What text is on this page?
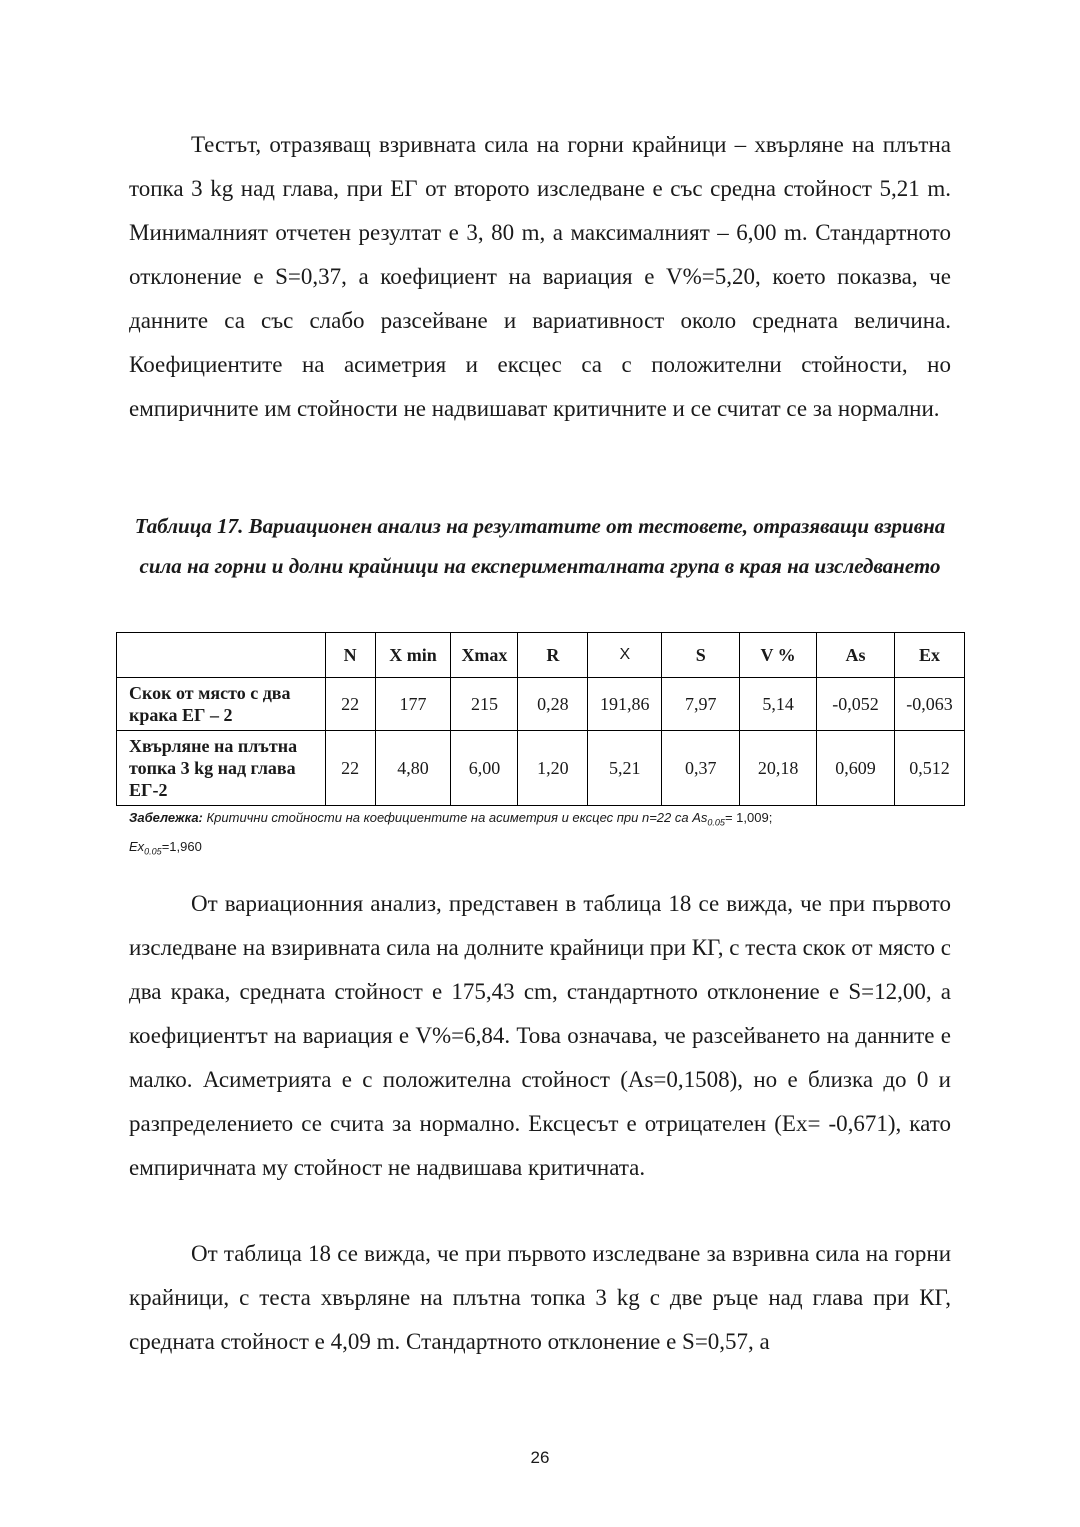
Тестът, отразяващ взривната сила на горни крайници – хвърляне на плътна топка 3 kg над глава, при ЕГ от второто изследване е със средна стойност 5,21 m. Минималният отчетен резултат е 3, 80 m, а максималният – 6,00 m. Стандартното отклонение е S=0,37, а коефициент на вариация е V%=5,20, което показва, че данните са със слабо разсейване и вариативност около средната величина. Коефициентите на асиметрия и ексцес са с положителни стойности, но емпиричните им стойности не надвишават критичните и се считат се за нормални.

Таблица 17. Вариационен анализ на резултатите от тестовете, отразяващи взривна сила на горни и долни крайници на експерименталната група в края на изследването

	N	X min	Xmax	R	X	S	V %	As	Ex
Скок от място с два крака ЕГ – 2	22	177	215	0,28	191,86	7,97	5,14	-0,052	-0,063
Хвърляне на плътна топка 3 kg над глава ЕГ-2	22	4,80	6,00	1,20	5,21	0,37	20,18	0,609	0,512
Забележка: Критични стойности на коефициентите на асиметрия и ексцес при n=22 са $As_{0.05}= 1,009$;
$Ex_{0.05}=1,960$

От вариационния анализ, представен в таблица 18 се вижда, че при първото изследване на взиривната сила на долните крайници при КГ, с теста скок от място с два крака, средната стойност е 175,43 cm, стандартното отклонение е S=12,00, а коефициентът на вариация е V%=6,84. Това означава, че разсейването на данните е малко. Асиметрията е с положителна стойност (As=0,1508), но е близка до 0 и разпределението се счита за нормално. Ексцесът е отрицателен (Ex= -0,671), като емпиричната му стойност не надвишава критичната.

От таблица 18 се вижда, че при първото изследване за взривна сила на горни крайници, с теста хвърляне на плътна топка 3 kg с две ръце над глава при КГ, средната стойност е 4,09 m. Стандартното отклонение е S=0,57, а

26
